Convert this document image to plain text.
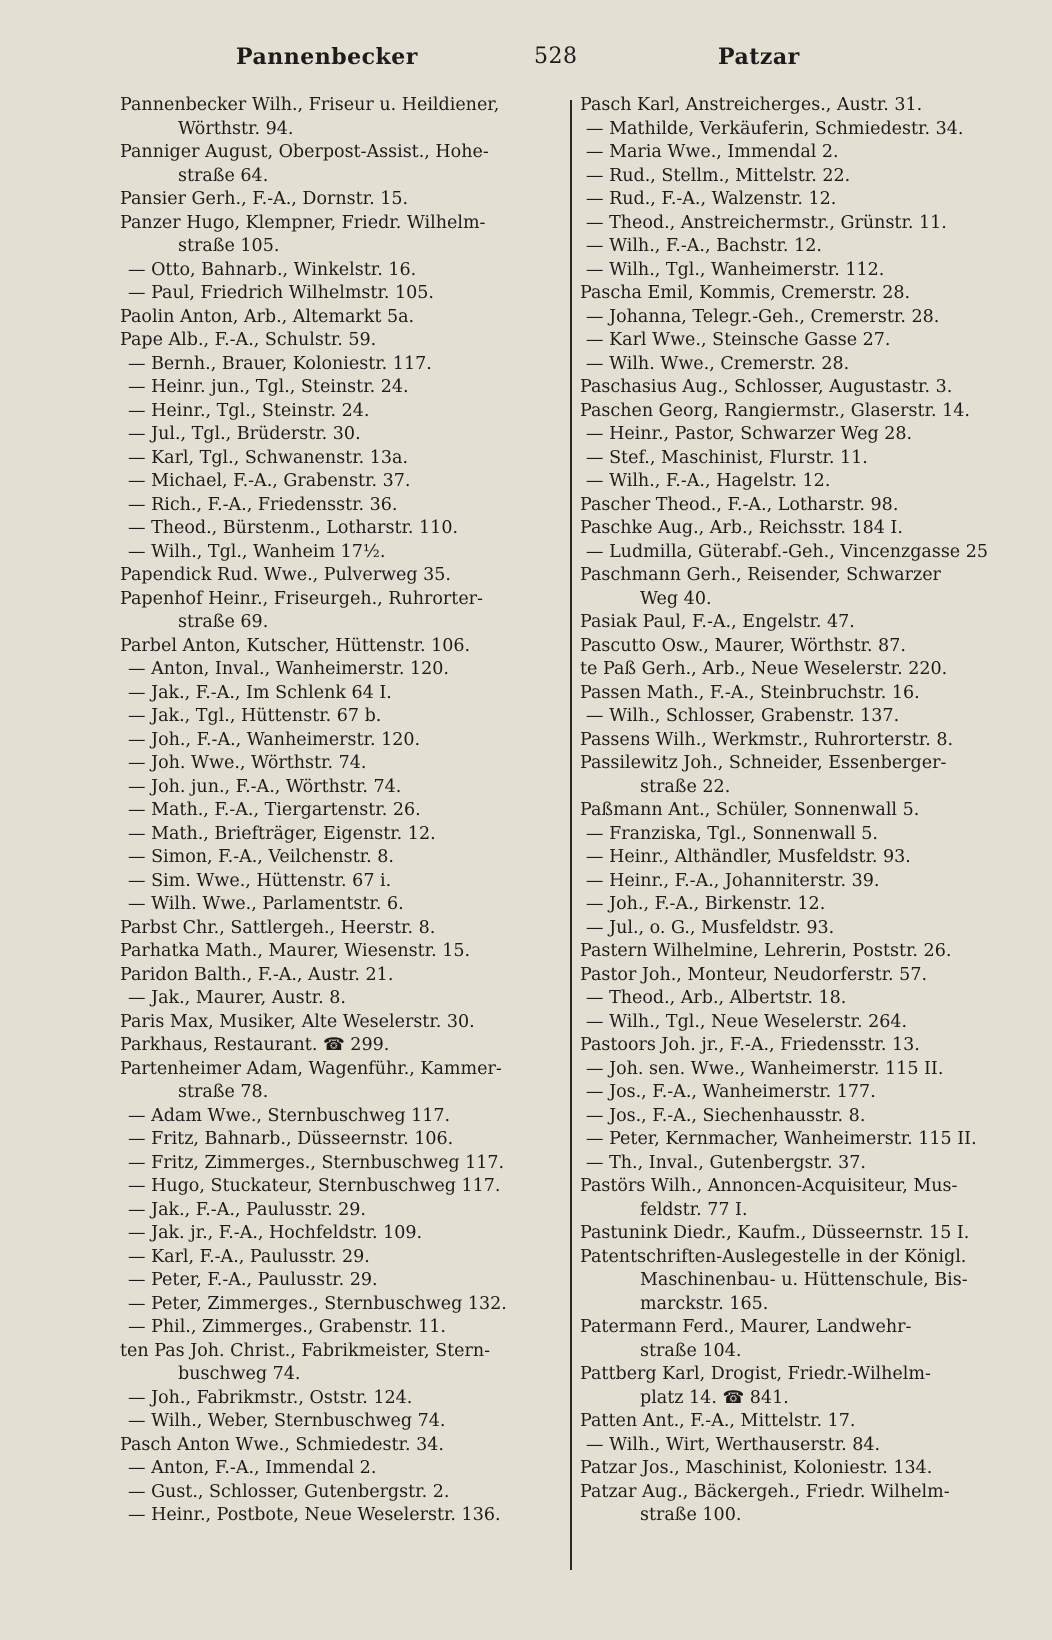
Pannenbecker	528	Patzar
Pannenbecker Wilh., Friseur u. Heildiener,
Wörthstr. 94.
Panniger August, Oberpost-Assist., Hohe-
straße 64.
Pansier Gerh., F.-A., Dornstr. 15.
Panzer Hugo, Klempner, Friedr. Wilhelm-
straße 105.
— Otto, Bahnarb., Winkelstr. 16.
— Paul, Friedrich Wilhelmstr. 105.
Paolin Anton, Arb., Altemarkt 5a.
Pape Alb., F.-A., Schulstr. 59.
— Bernh., Brauer, Koloniestr. 117.
— Heinr. jun., Tgl., Steinstr. 24.
— Heinr., Tgl., Steinstr. 24.
— Jul., Tgl., Brüderstr. 30.
— Karl, Tgl., Schwanenstr. 13a.
— Michael, F.-A., Grabenstr. 37.
— Rich., F.-A., Friedensstr. 36.
— Theod., Bürstenm., Lotharstr. 110.
— Wilh., Tgl., Wanheim 17½.
Papendick Rud. Wwe., Pulverweg 35.
Papenhof Heinr., Friseurgeh., Ruhrorter-
straße 69.
Parbel Anton, Kutscher, Hüttenstr. 106.
— Anton, Inval., Wanheimerstr. 120.
— Jak., F.-A., Im Schlenk 64 I.
— Jak., Tgl., Hüttenstr. 67 b.
— Joh., F.-A., Wanheimerstr. 120.
— Joh. Wwe., Wörthstr. 74.
— Joh. jun., F.-A., Wörthstr. 74.
— Math., F.-A., Tiergartenstr. 26.
— Math., Briefträger, Eigenstr. 12.
— Simon, F.-A., Veilchenstr. 8.
— Sim. Wwe., Hüttenstr. 67 i.
— Wilh. Wwe., Parlamentstr. 6.
Parbst Chr., Sattlergeh., Heerstr. 8.
Parhatka Math., Maurer, Wiesenstr. 15.
Paridon Balth., F.-A., Austr. 21.
— Jak., Maurer, Austr. 8.
Paris Max, Musiker, Alte Weselerstr. 30.
Parkhaus, Restaurant. ☎ 299.
Partenheimer Adam, Wagenführ., Kammer-
straße 78.
— Adam Wwe., Sternbuschweg 117.
— Fritz, Bahnarb., Düsseernstr. 106.
— Fritz, Zimmerges., Sternbuschweg 117.
— Hugo, Stuckateur, Sternbuschweg 117.
— Jak., F.-A., Paulusstr. 29.
— Jak. jr., F.-A., Hochfeldstr. 109.
— Karl, F.-A., Paulusstr. 29.
— Peter, F.-A., Paulusstr. 29.
— Peter, Zimmerges., Sternbuschweg 132.
— Phil., Zimmerges., Grabenstr. 11.
ten Pas Joh. Christ., Fabrikmeister, Stern-
buschweg 74.
— Joh., Fabrikmstr., Oststr. 124.
— Wilh., Weber, Sternbuschweg 74.
Pasch Anton Wwe., Schmiedestr. 34.
— Anton, F.-A., Immendal 2.
— Gust., Schlosser, Gutenbergstr. 2.
— Heinr., Postbote, Neue Weselerstr. 136.
Pasch Karl, Anstreicherges., Austr. 31.
— Mathilde, Verkäuferin, Schmiedestr. 34.
— Maria Wwe., Immendal 2.
— Rud., Stellm., Mittelstr. 22.
— Rud., F.-A., Walzenstr. 12.
— Theod., Anstreichermstr., Grünstr. 11.
— Wilh., F.-A., Bachstr. 12.
— Wilh., Tgl., Wanheimerstr. 112.
Pascha Emil, Kommis, Cremerstr. 28.
— Johanna, Telegr.-Geh., Cremerstr. 28.
— Karl Wwe., Steinsche Gasse 27.
— Wilh. Wwe., Cremerstr. 28.
Paschasius Aug., Schlosser, Augustastr. 3.
Paschen Georg, Rangiermstr., Glaserstr. 14.
— Heinr., Pastor, Schwarzer Weg 28.
— Stef., Maschinist, Flurstr. 11.
— Wilh., F.-A., Hagelstr. 12.
Pascher Theod., F.-A., Lotharstr. 98.
Paschke Aug., Arb., Reichsstr. 184 I.
— Ludmilla, Güterabf.-Geh., Vincenzgasse 25
Paschmann Gerh., Reisender, Schwarzer
Weg 40.
Pasiak Paul, F.-A., Engelstr. 47.
Pascutto Osw., Maurer, Wörthstr. 87.
te Paß Gerh., Arb., Neue Weselerstr. 220.
Passen Math., F.-A., Steinbruchstr. 16.
— Wilh., Schlosser, Grabenstr. 137.
Passens Wilh., Werkmstr., Ruhrorterstr. 8.
Passilewitz Joh., Schneider, Essenberger-
straße 22.
Paßmann Ant., Schüler, Sonnenwall 5.
— Franziska, Tgl., Sonnenwall 5.
— Heinr., Althändler, Musfeldstr. 93.
— Heinr., F.-A., Johanniterstr. 39.
— Joh., F.-A., Birkenstr. 12.
— Jul., o. G., Musfeldstr. 93.
Pastern Wilhelmine, Lehrerin, Poststr. 26.
Pastor Joh., Monteur, Neudorferstr. 57.
— Theod., Arb., Albertstr. 18.
— Wilh., Tgl., Neue Weselerstr. 264.
Pastoors Joh. jr., F.-A., Friedensstr. 13.
— Joh. sen. Wwe., Wanheimerstr. 115 II.
— Jos., F.-A., Wanheimerstr. 177.
— Jos., F.-A., Siechenhausstr. 8.
— Peter, Kernmacher, Wanheimerstr. 115 II.
— Th., Inval., Gutenbergstr. 37.
Pastörs Wilh., Annoncen-Acquisiteur, Mus-
feldstr. 77 I.
Pastunink Diedr., Kaufm., Düsseernstr. 15 I.
Patentschriften-Auslegestelle in der Königl.
Maschinenbau- u. Hüttenschule, Bis-
marckstr. 165.
Patermann Ferd., Maurer, Landwehr-
straße 104.
Pattberg Karl, Drogist, Friedr.-Wilhelm-
platz 14. ☎ 841.
Patten Ant., F.-A., Mittelstr. 17.
— Wilh., Wirt, Werthauserstr. 84.
Patzar Jos., Maschinist, Koloniestr. 134.
Patzar Aug., Bäckergeh., Friedr. Wilhelm-
straße 100.
